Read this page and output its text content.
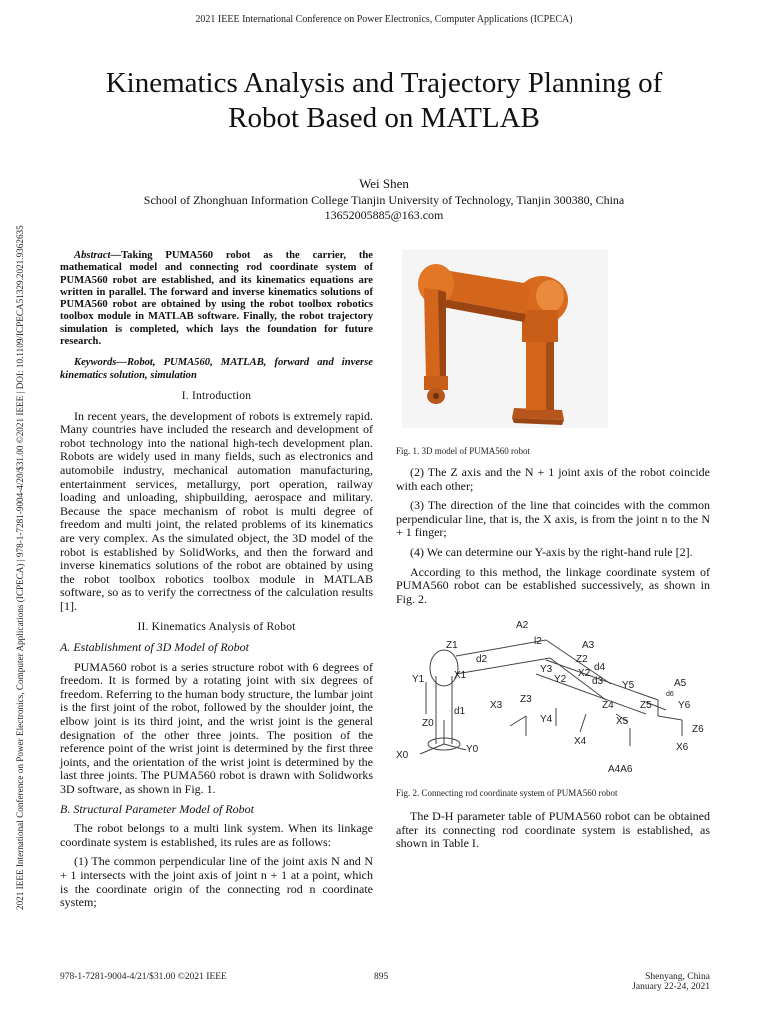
2021 IEEE International Conference on Power Electronics, Computer Applications (ICPECA)
2021 IEEE International Conference on Power Electronics, Computer Applications (ICPECA) | 978-1-7281-9004-4/20/$31.00 ©2021 IEEE | DOI: 10.1109/ICPECA51329.2021.9362635
Kinematics Analysis and Trajectory Planning of
Robot Based on MATLAB
Wei Shen
School of Zhonghuan Information College Tianjin University of Technology, Tianjin 300380, China
13652005885@163.com

Abstract—Taking PUMA560 robot as the carrier, the mathematical model and connecting rod coordinate system of PUMA560 robot are established, and its kinematics equations are written in parallel. The forward and inverse kinematics solutions of PUMA560 robot are obtained by using the robot toolbox robotics toolbox module in MATLAB software. Finally, the robot trajectory simulation is completed, which lays the foundation for future research.

Keywords—Robot, PUMA560, MATLAB, forward and inverse kinematics solution, simulation

I. Introduction

In recent years, the development of robots is extremely rapid. Many countries have included the research and development of robot technology into the national high-tech development plan. Robots are widely used in many fields, such as electronics and automobile industry, mechanical automation manufacturing, entertainment services, metallurgy, port operation, railway loading and unloading, shipbuilding, aerospace and military. Because the space mechanism of robot is multi degree of freedom and multi joint, the related problems of its kinematics are very complex. As the simulated object, the 3D model of the robot is established by SolidWorks, and then the forward and inverse kinematics solutions of the robot are obtained by using the robot toolbox robotics toolbox module in MATLAB software, so as to verify the correctness of the calculation results [1].

II. Kinematics Analysis of Robot
A. Establishment of 3D Model of Robot

PUMA560 robot is a series structure robot with 6 degrees of freedom. It is formed by a rotating joint with six degrees of freedom. Referring to the human body structure, the lumbar joint is the first joint of the robot, followed by the shoulder joint, the elbow joint is its third joint, and the wrist joint is the general designation of the other three joints. The position of the reference point of the wrist joint is determined by the first three joints, and the orientation of the wrist joint is determined by the last three joints. The PUMA560 robot is drawn with Solidworks 3D software, as shown in Fig. 1.

B. Structural Parameter Model of Robot

The robot belongs to a multi link system. When its linkage coordinate system is established, its rules are as follows:

(1) The common perpendicular line of the joint axis N and N + 1 intersects with the joint axis of joint n + 1 at a point, which is the coordinate origin of the connecting rod n coordinate system;

Fig. 1. 3D model of PUMA560 robot

(2) The Z axis and the N + 1 joint axis of the robot coincide with each other;

(3) The direction of the line that coincides with the common perpendicular line, that is, the X axis, is from the joint n to the N + 1 finger;

(4) We can determine our Y-axis by the right-hand rule [2].

According to this method, the linkage coordinate system of PUMA560 robot can be established successively, as shown in Fig. 2.

A2
l2	A3
Z2
d4
Z1
d2
X1
Y1
Y3	X2
d3
Z3
Y2
X3
Y5	A5
Y4
Z4	Z5	Y6
X5
Z6
X4
X6
Z0
d1
Y0
X0
A4A6
d6
Fig. 2. Connecting rod coordinate system of PUMA560 robot

The D-H parameter table of PUMA560 robot can be obtained after its connecting rod coordinate system is established, as shown in Table I.

978-1-7281-9004-4/21/$31.00 ©2021 IEEE	895	Shenyang, China
January 22-24, 2021
